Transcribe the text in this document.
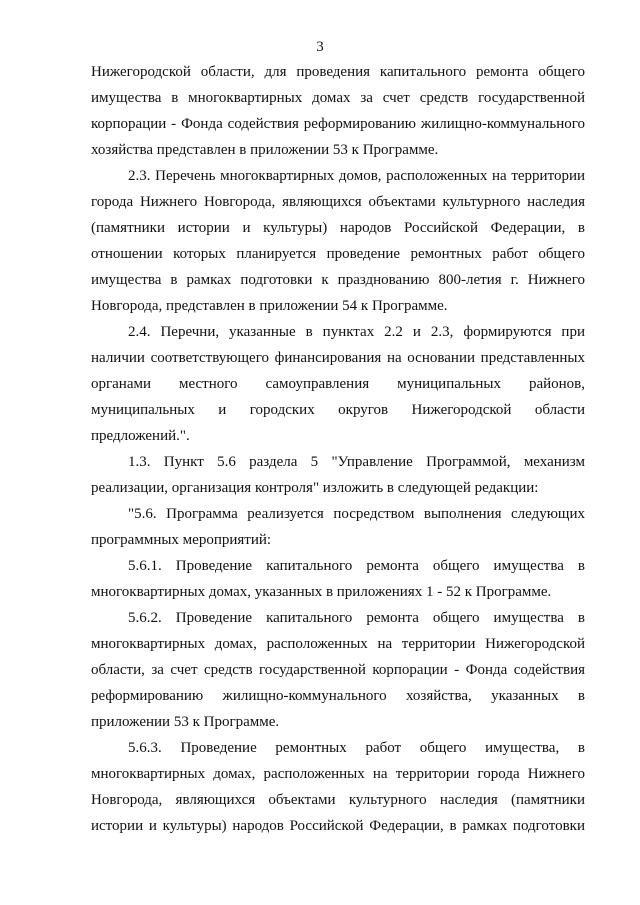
3
Нижегородской области, для проведения капитального ремонта общего
имущества в многоквартирных домах за счет средств государственной
корпорации - Фонда содействия реформированию жилищно-коммунального
хозяйства представлен в приложении 53 к Программе.
2.3. Перечень многоквартирных домов, расположенных на территории
города Нижнего Новгорода, являющихся объектами культурного наследия
(памятники истории и культуры) народов Российской Федерации, в
отношении которых планируется проведение ремонтных работ общего
имущества в рамках подготовки к празднованию 800-летия г. Нижнего
Новгорода, представлен в приложении 54 к Программе.
2.4. Перечни, указанные в пунктах 2.2 и 2.3, формируются при
наличии соответствующего финансирования на основании представленных
органами местного самоуправления муниципальных районов,
муниципальных и городских округов Нижегородской области
предложений.".
1.3. Пункт 5.6 раздела 5 "Управление Программой, механизм
реализации, организация контроля" изложить в следующей редакции:
"5.6. Программа реализуется посредством выполнения следующих
программных мероприятий:
5.6.1. Проведение капитального ремонта общего имущества в
многоквартирных домах, указанных в приложениях 1 - 52 к Программе.
5.6.2. Проведение капитального ремонта общего имущества в
многоквартирных домах, расположенных на территории Нижегородской
области, за счет средств государственной корпорации - Фонда содействия
реформированию жилищно-коммунального хозяйства, указанных в
приложении 53 к Программе.
5.6.3. Проведение ремонтных работ общего имущества, в
многоквартирных домах, расположенных на территории города Нижнего
Новгорода, являющихся объектами культурного наследия (памятники
истории и культуры) народов Российской Федерации, в рамках подготовки
